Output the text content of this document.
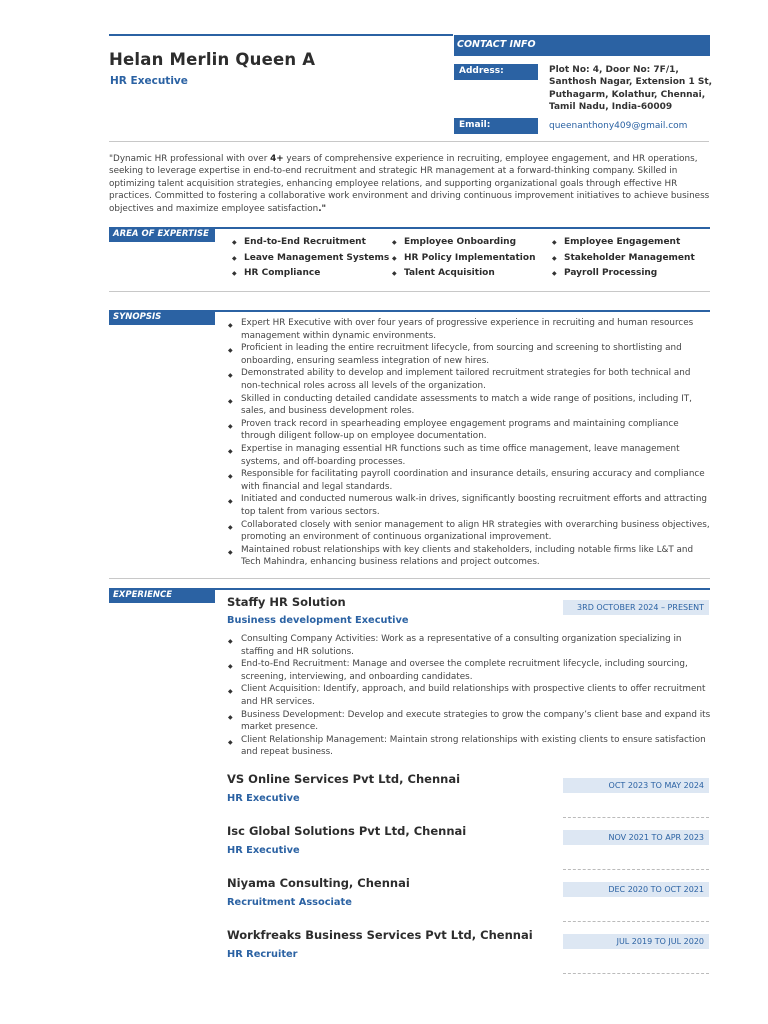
Helan Merlin Queen A
HR Executive
CONTACT INFO
Address:	Plot No: 4, Door No: 7F/1,
Santhosh Nagar, Extension 1 St,
Puthagarm, Kolathur, Chennai,
Tamil Nadu, India-60009
Email:	queenanthony409@gmail.com

"Dynamic HR professional with over 4+ years of comprehensive experience in recruiting, employee engagement, and HR operations, seeking to leverage expertise in end-to-end recruitment and strategic HR management at a forward-thinking company. Skilled in optimizing talent acquisition strategies, enhancing employee relations, and supporting organizational goals through effective HR practices. Committed to fostering a collaborative work environment and driving continuous improvement initiatives to achieve business objectives and maximize employee satisfaction."

AREA OF EXPERTISE
◆ End-to-End Recruitment	◆ Employee Onboarding	◆ Employee Engagement
◆ Leave Management Systems ◆ HR Policy Implementation	◆ Stakeholder Management
◆ HR Compliance	◆ Talent Acquisition	◆ Payroll Processing
SYNOPSIS
◆ Expert HR Executive with over four years of progressive experience in recruiting and human resources management within dynamic environments.
◆ Proficient in leading the entire recruitment lifecycle, from sourcing and screening to shortlisting and onboarding, ensuring seamless integration of new hires.
◆ Demonstrated ability to develop and implement tailored recruitment strategies for both technical and non-technical roles across all levels of the organization.
◆ Skilled in conducting detailed candidate assessments to match a wide range of positions, including IT, sales, and business development roles.
◆ Proven track record in spearheading employee engagement programs and maintaining compliance through diligent follow-up on employee documentation.
◆ Expertise in managing essential HR functions such as time office management, leave management systems, and off-boarding processes.
◆ Responsible for facilitating payroll coordination and insurance details, ensuring accuracy and compliance with financial and legal standards.
◆ Initiated and conducted numerous walk-in drives, significantly boosting recruitment efforts and attracting top talent from various sectors.
◆ Collaborated closely with senior management to align HR strategies with overarching business objectives, promoting an environment of continuous organizational improvement.
◆ Maintained robust relationships with key clients and stakeholders, including notable firms like L&T and Tech Mahindra, enhancing business relations and project outcomes.
EXPERIENCE	Staffy HR Solution	3RD OCTOBER 2024 – PRESENT
Business development Executive
◆ Consulting Company Activities: Work as a representative of a consulting organization specializing in staffing and HR solutions.
◆ End-to-End Recruitment: Manage and oversee the complete recruitment lifecycle, including sourcing, screening, interviewing, and onboarding candidates.
◆ Client Acquisition: Identify, approach, and build relationships with prospective clients to offer recruitment and HR services.
◆ Business Development: Develop and execute strategies to grow the company’s client base and expand its market presence.
◆ Client Relationship Management: Maintain strong relationships with existing clients to ensure satisfaction and repeat business.
VS Online Services Pvt Ltd, Chennai	OCT 2023 TO MAY 2024
HR Executive
Isc Global Solutions Pvt Ltd, Chennai	NOV 2021 TO APR 2023
HR Executive
Niyama Consulting, Chennai	DEC 2020 TO OCT 2021
Recruitment Associate
Workfreaks Business Services Pvt Ltd, Chennai	JUL 2019 TO JUL 2020
HR Recruiter
